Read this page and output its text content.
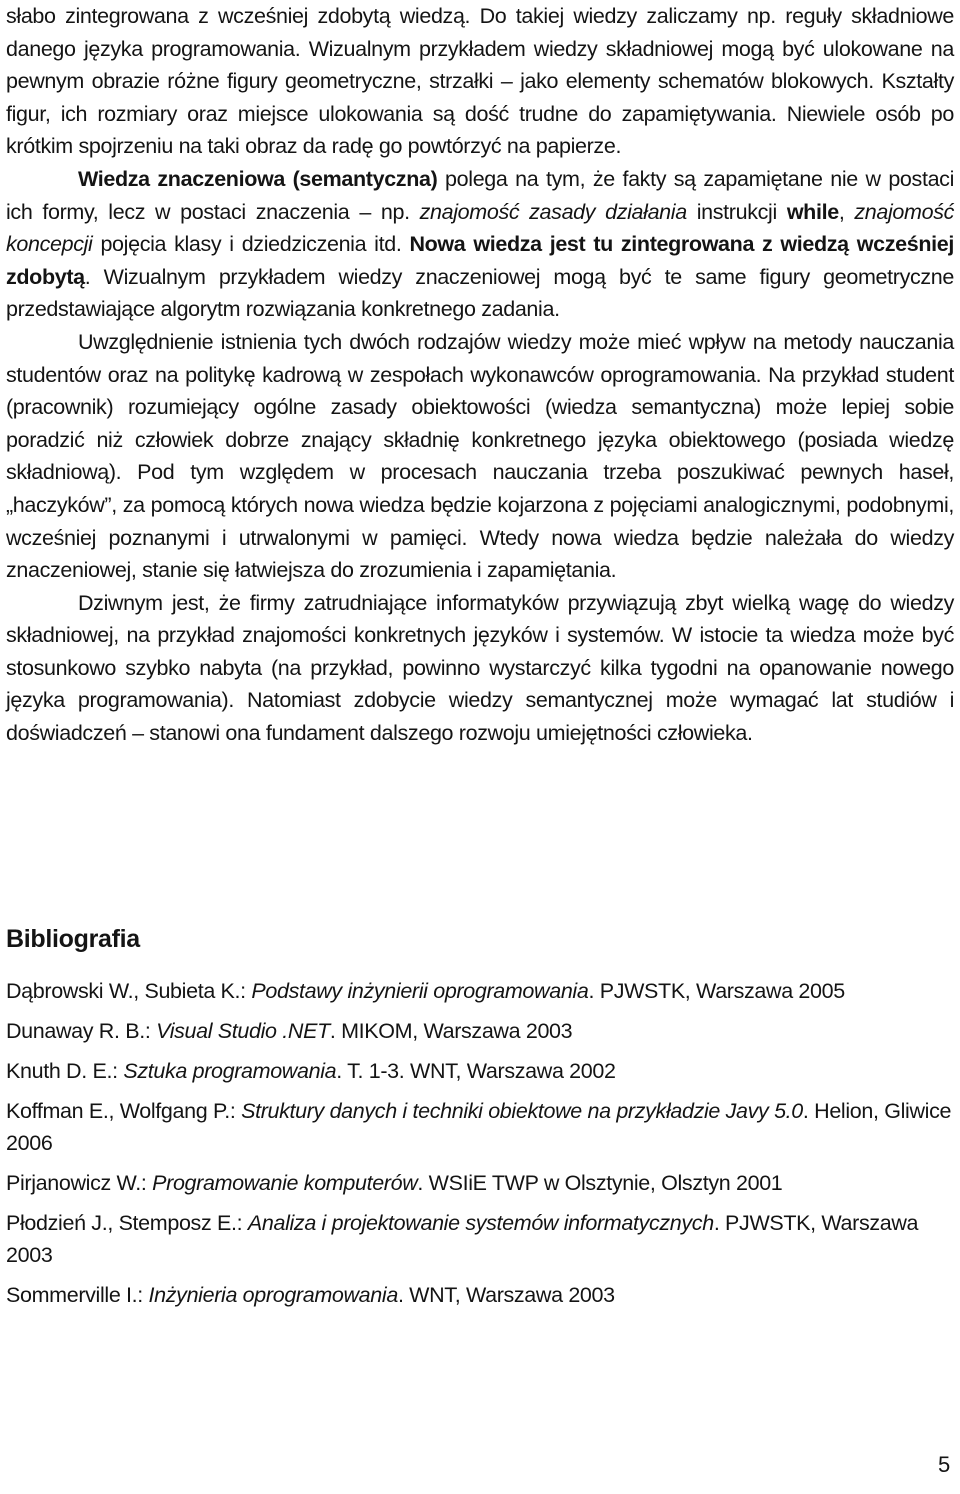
słabo zintegrowana z wcześniej zdobytą wiedzą. Do takiej wiedzy zaliczamy np. reguły składniowe danego języka programowania. Wizualnym przykładem wiedzy składniowej mogą być ulokowane na pewnym obrazie różne figury geometryczne, strzałki – jako elementy schematów blokowych. Kształty figur, ich rozmiary oraz miejsce ulokowania są dość trudne do zapamiętywania. Niewiele osób po krótkim spojrzeniu na taki obraz da radę go powtórzyć na papierze.

Wiedza znaczeniowa (semantyczna) polega na tym, że fakty są zapamiętane nie w postaci ich formy, lecz w postaci znaczenia – np. znajomość zasady działania instrukcji while, znajomość koncepcji pojęcia klasy i dziedziczenia itd. Nowa wiedza jest tu zintegrowana z wiedzą wcześniej zdobytą. Wizualnym przykładem wiedzy znaczeniowej mogą być te same figury geometryczne przedstawiające algorytm rozwiązania konkretnego zadania.

Uwzględnienie istnienia tych dwóch rodzajów wiedzy może mieć wpływ na metody nauczania studentów oraz na politykę kadrową w zespołach wykonawców oprogramowania. Na przykład student (pracownik) rozumiejący ogólne zasady obiektowości (wiedza semantyczna) może lepiej sobie poradzić niż człowiek dobrze znający składnię konkretnego języka obiektowego (posiada wiedzę składniową). Pod tym względem w procesach nauczania trzeba poszukiwać pewnych haseł, „haczyków”, za pomocą których nowa wiedza będzie kojarzona z pojęciami analogicznymi, podobnymi, wcześniej poznanymi i utrwalonymi w pamięci. Wtedy nowa wiedza będzie należała do wiedzy znaczeniowej, stanie się łatwiejsza do zrozumienia i zapamiętania.

Dziwnym jest, że firmy zatrudniające informatyków przywiązują zbyt wielką wagę do wiedzy składniowej, na przykład znajomości konkretnych języków i systemów. W istocie ta wiedza może być stosunkowo szybko nabyta (na przykład, powinno wystarczyć kilka tygodni na opanowanie nowego języka programowania). Natomiast zdobycie wiedzy semantycznej może wymagać lat studiów i doświadczeń – stanowi ona fundament dalszego rozwoju umiejętności człowieka.

Bibliografia

Dąbrowski W., Subieta K.: Podstawy inżynierii oprogramowania. PJWSTK, Warszawa 2005

Dunaway R. B.: Visual Studio .NET. MIKOM, Warszawa 2003

Knuth D. E.: Sztuka programowania. T. 1-3. WNT, Warszawa 2002

Koffman E., Wolfgang P.: Struktury danych i techniki obiektowe na przykładzie Javy 5.0. Helion, Gliwice 2006

Pirjanowicz W.: Programowanie komputerów. WSIiE TWP w Olsztynie, Olsztyn 2001

Płodzień J., Stemposz E.: Analiza i projektowanie systemów informatycznych. PJWSTK, Warszawa 2003

Sommerville I.: Inżynieria oprogramowania. WNT, Warszawa 2003

5
